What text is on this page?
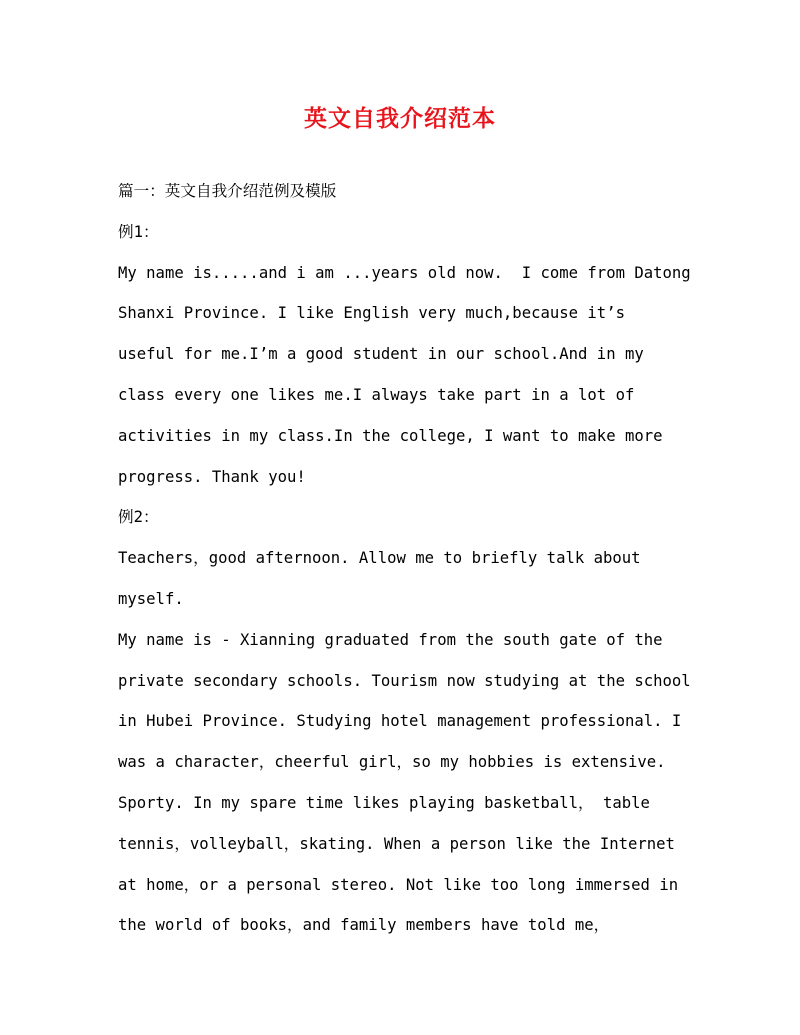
英文自我介绍范本
篇一：英文自我介绍范例及模版
例1：
My name is.....and i am ...years old now.  I come from Datong
Shanxi Province. I like English very much,because it’s
useful for me.I’m a good student in our school.And in my
class every one likes me.I always take part in a lot of
activities in my class.In the college, I want to make more
progress. Thank you!
例2：
Teachers，good afternoon. Allow me to briefly talk about
myself.
My name is - Xianning graduated from the south gate of the
private secondary schools. Tourism now studying at the school
in Hubei Province. Studying hotel management professional. I
was a character，cheerful girl，so my hobbies is extensive.
Sporty. In my spare time likes playing basketball， table
tennis，volleyball，skating. When a person like the Internet
at home，or a personal stereo. Not like too long immersed in
the world of books，and family members have told me，
